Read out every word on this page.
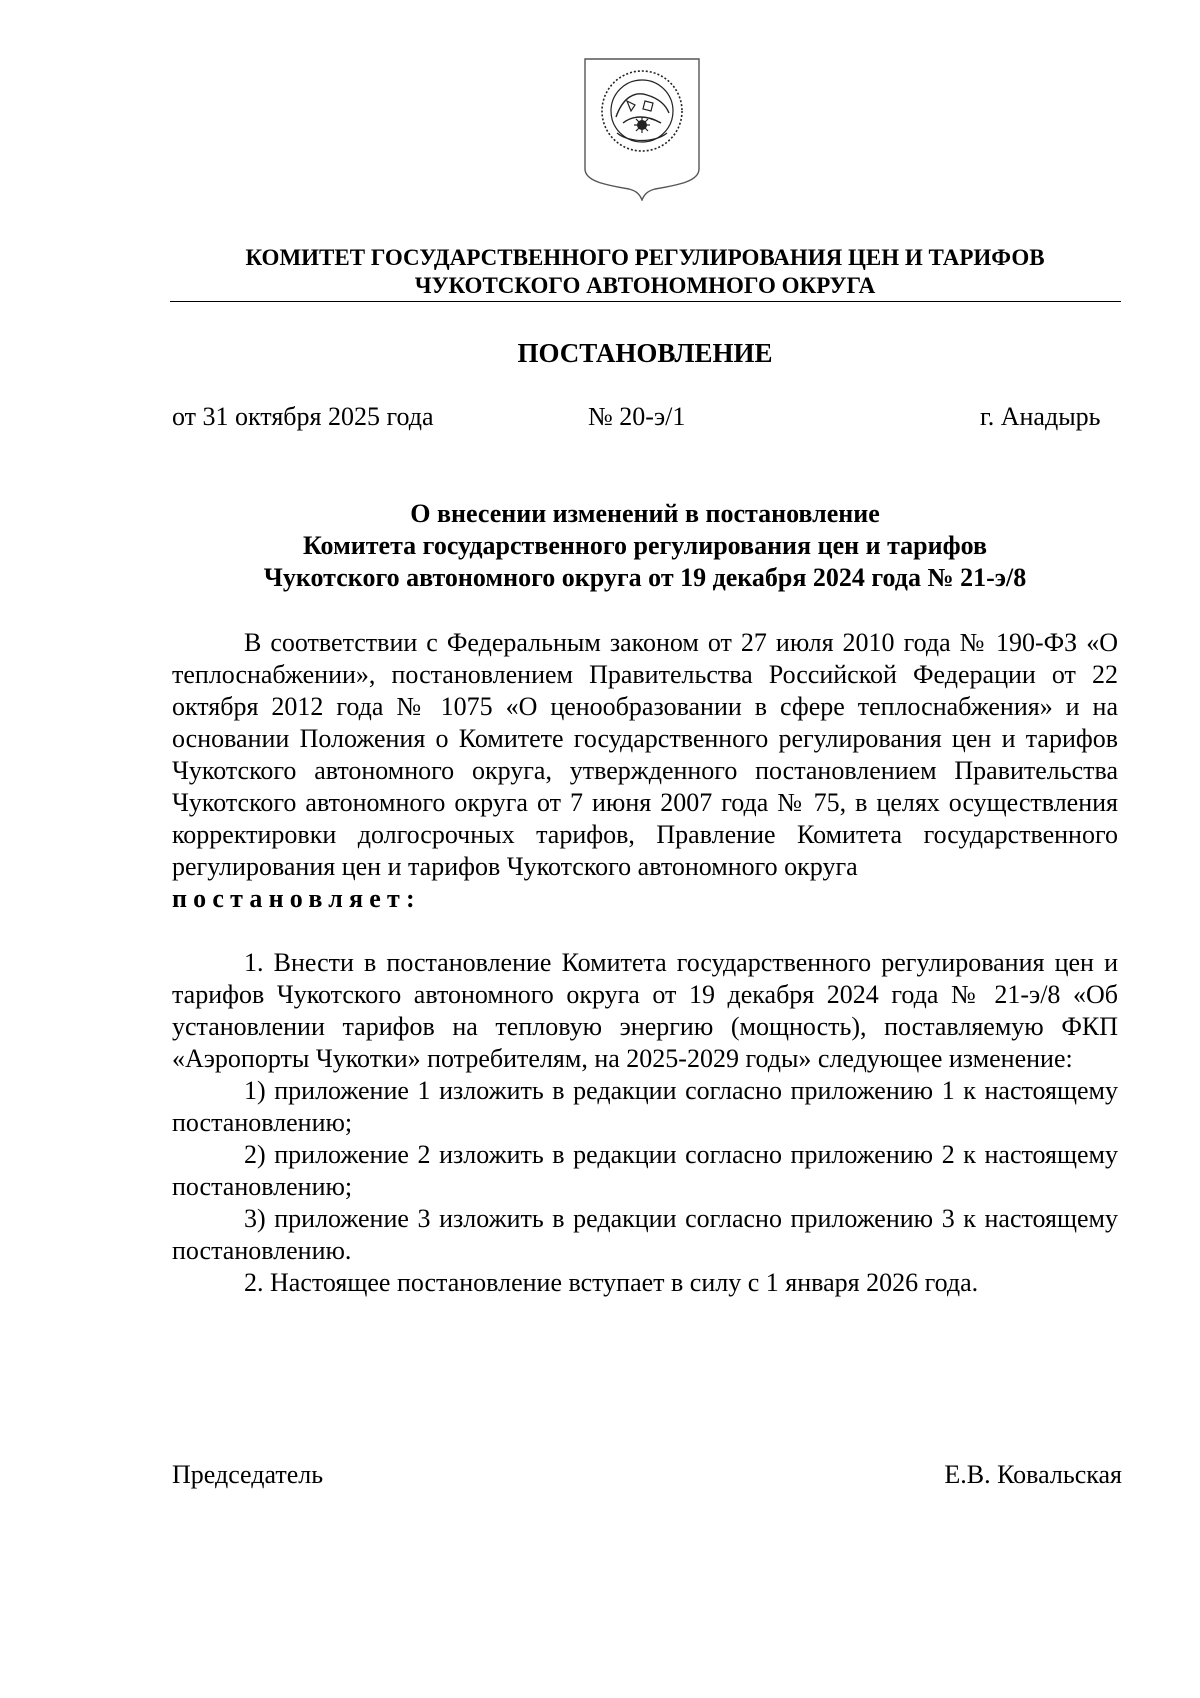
КОМИТЕТ ГОСУДАРСТВЕННОГО РЕГУЛИРОВАНИЯ ЦЕН И ТАРИФОВ
ЧУКОТСКОГО АВТОНОМНОГО ОКРУГА
ПОСТАНОВЛЕНИЕ
от 31 октября 2025 года	№ 20-э/1	г. Анадырь
О внесении изменений в постановление
Комитета государственного регулирования цен и тарифов
Чукотского автономного округа от 19 декабря 2024 года № 21-э/8

В соответствии с Федеральным законом от 27 июля 2010 года № 190-ФЗ «О теплоснабжении», постановлением Правительства Российской Федерации от 22 октября 2012 года № 1075 «О ценообразовании в сфере теплоснабжения» и на основании Положения о Комитете государственного регулирования цен и тарифов Чукотского автономного округа, утвержденного постановлением Правительства Чукотского автономного округа от 7 июня 2007 года № 75, в целях осуществления корректировки долгосрочных тарифов, Правление Комитета государственного регулирования цен и тарифов Чукотского автономного округа

постановляет:

1. Внести в постановление Комитета государственного регулирования цен и тарифов Чукотского автономного округа от 19 декабря 2024 года № 21-э/8 «Об установлении тарифов на тепловую энергию (мощность), поставляемую ФКП «Аэропорты Чукотки» потребителям, на 2025-2029 годы» следующее изменение:

1) приложение 1 изложить в редакции согласно приложению 1 к настоящему постановлению;

2) приложение 2 изложить в редакции согласно приложению 2 к настоящему постановлению;

3) приложение 3 изложить в редакции согласно приложению 3 к настоящему постановлению.

2. Настоящее постановление вступает в силу с 1 января 2026 года.

Председатель	Е.В. Ковальская
